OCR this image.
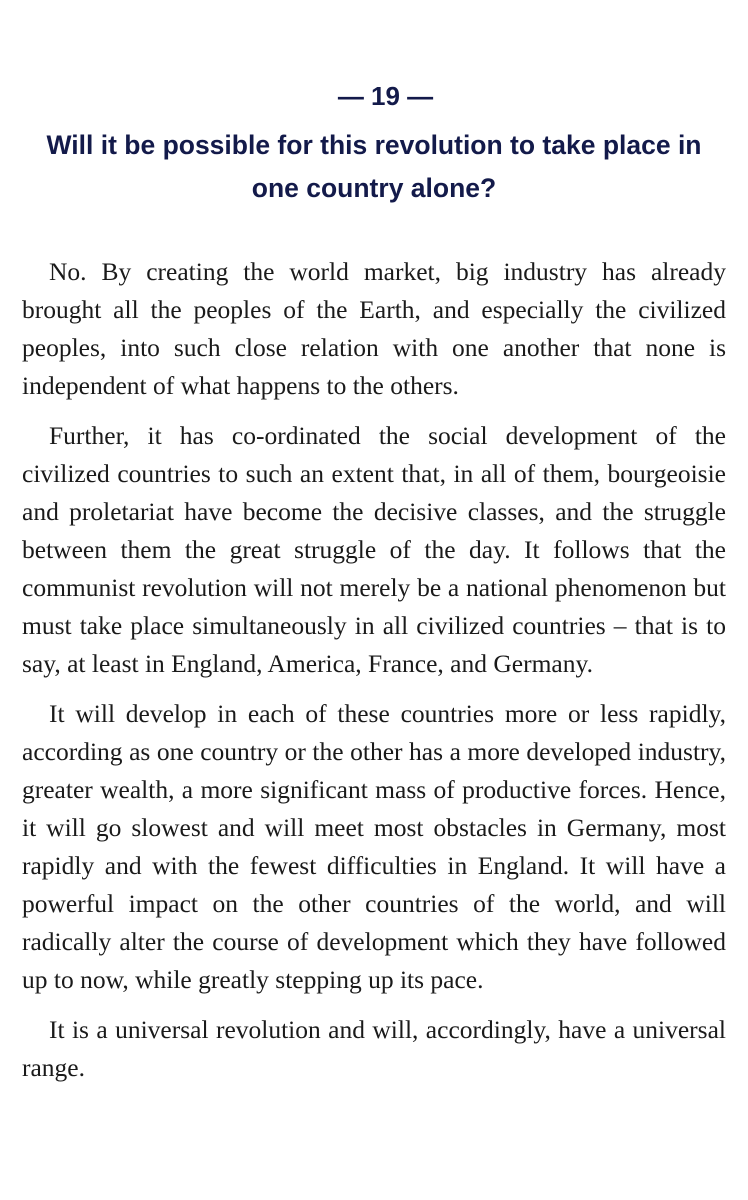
— 19 —
Will it be possible for this revolution to take place in one country alone?

No. By creating the world market, big industry has already brought all the peoples of the Earth, and especially the civilized peoples, into such close relation with one another that none is independent of what happens to the others.

Further, it has co-ordinated the social development of the civilized countries to such an extent that, in all of them, bourgeoisie and proletariat have become the decisive classes, and the struggle between them the great struggle of the day. It follows that the communist revolution will not merely be a national phenomenon but must take place simultaneously in all civilized countries – that is to say, at least in England, America, France, and Germany.

It will develop in each of these countries more or less rapidly, according as one country or the other has a more developed industry, greater wealth, a more significant mass of productive forces. Hence, it will go slowest and will meet most obstacles in Germany, most rapidly and with the fewest difficulties in England. It will have a powerful impact on the other countries of the world, and will radically alter the course of development which they have followed up to now, while greatly stepping up its pace.

It is a universal revolution and will, accordingly, have a universal range.
